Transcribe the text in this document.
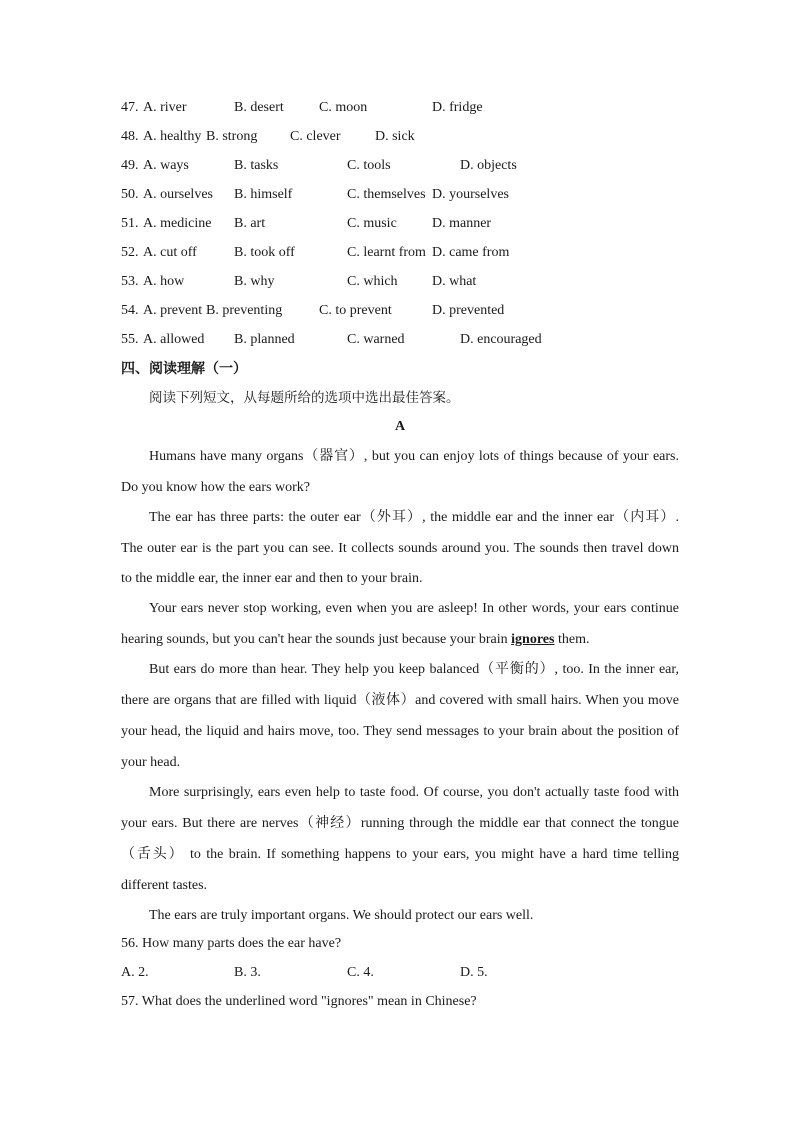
47. A. river	B. desert	C. moon	D. fridge
48. A. healthy B. strong C. clever D. sick
49. A. ways	B. tasks	C. tools	D. objects
50. A. ourselves B. himself	C. themselves D. yourselves
51. A. medicine B. art	C. music	D. manner
52. A. cut off	B. took off	C. learnt from D. came from
53. A. how	B. why	C. which D. what
54. A. prevent B. preventing	C. to prevent	D. prevented
55. A. allowed B. planned	C. warned	D. encouraged
四、阅读理解（一）
阅读下列短文，从每题所给的选项中选出最佳答案。
A
Humans have many organs（器官）, but you can enjoy lots of things because of your ears.
Do you know how the ears work?
The ear has three parts: the outer ear（外耳）, the middle ear and the inner ear（内耳）.
The outer ear is the part you can see. It collects sounds around you. The sounds then travel down
to the middle ear, the inner ear and then to your brain.
Your ears never stop working, even when you are asleep! In other words, your ears continue
hearing sounds, but you can't hear the sounds just because your brain ignores them.
But ears do more than hear. They help you keep balanced（平衡的）, too. In the inner ear,
there are organs that are filled with liquid（液体）and covered with small hairs. When you move
your head, the liquid and hairs move, too. They send messages to your brain about the position of
your head.
More surprisingly, ears even help to taste food. Of course, you don't actually taste food with
your ears. But there are nerves（神经）running through the middle ear that connect the tongue
（舌头） to the brain. If something happens to your ears, you might have a hard time telling
different tastes.
The ears are truly important organs. We should protect our ears well.
56. How many parts does the ear have?
A. 2.	B. 3.	C. 4.	D. 5.
57. What does the underlined word "ignores" mean in Chinese?
